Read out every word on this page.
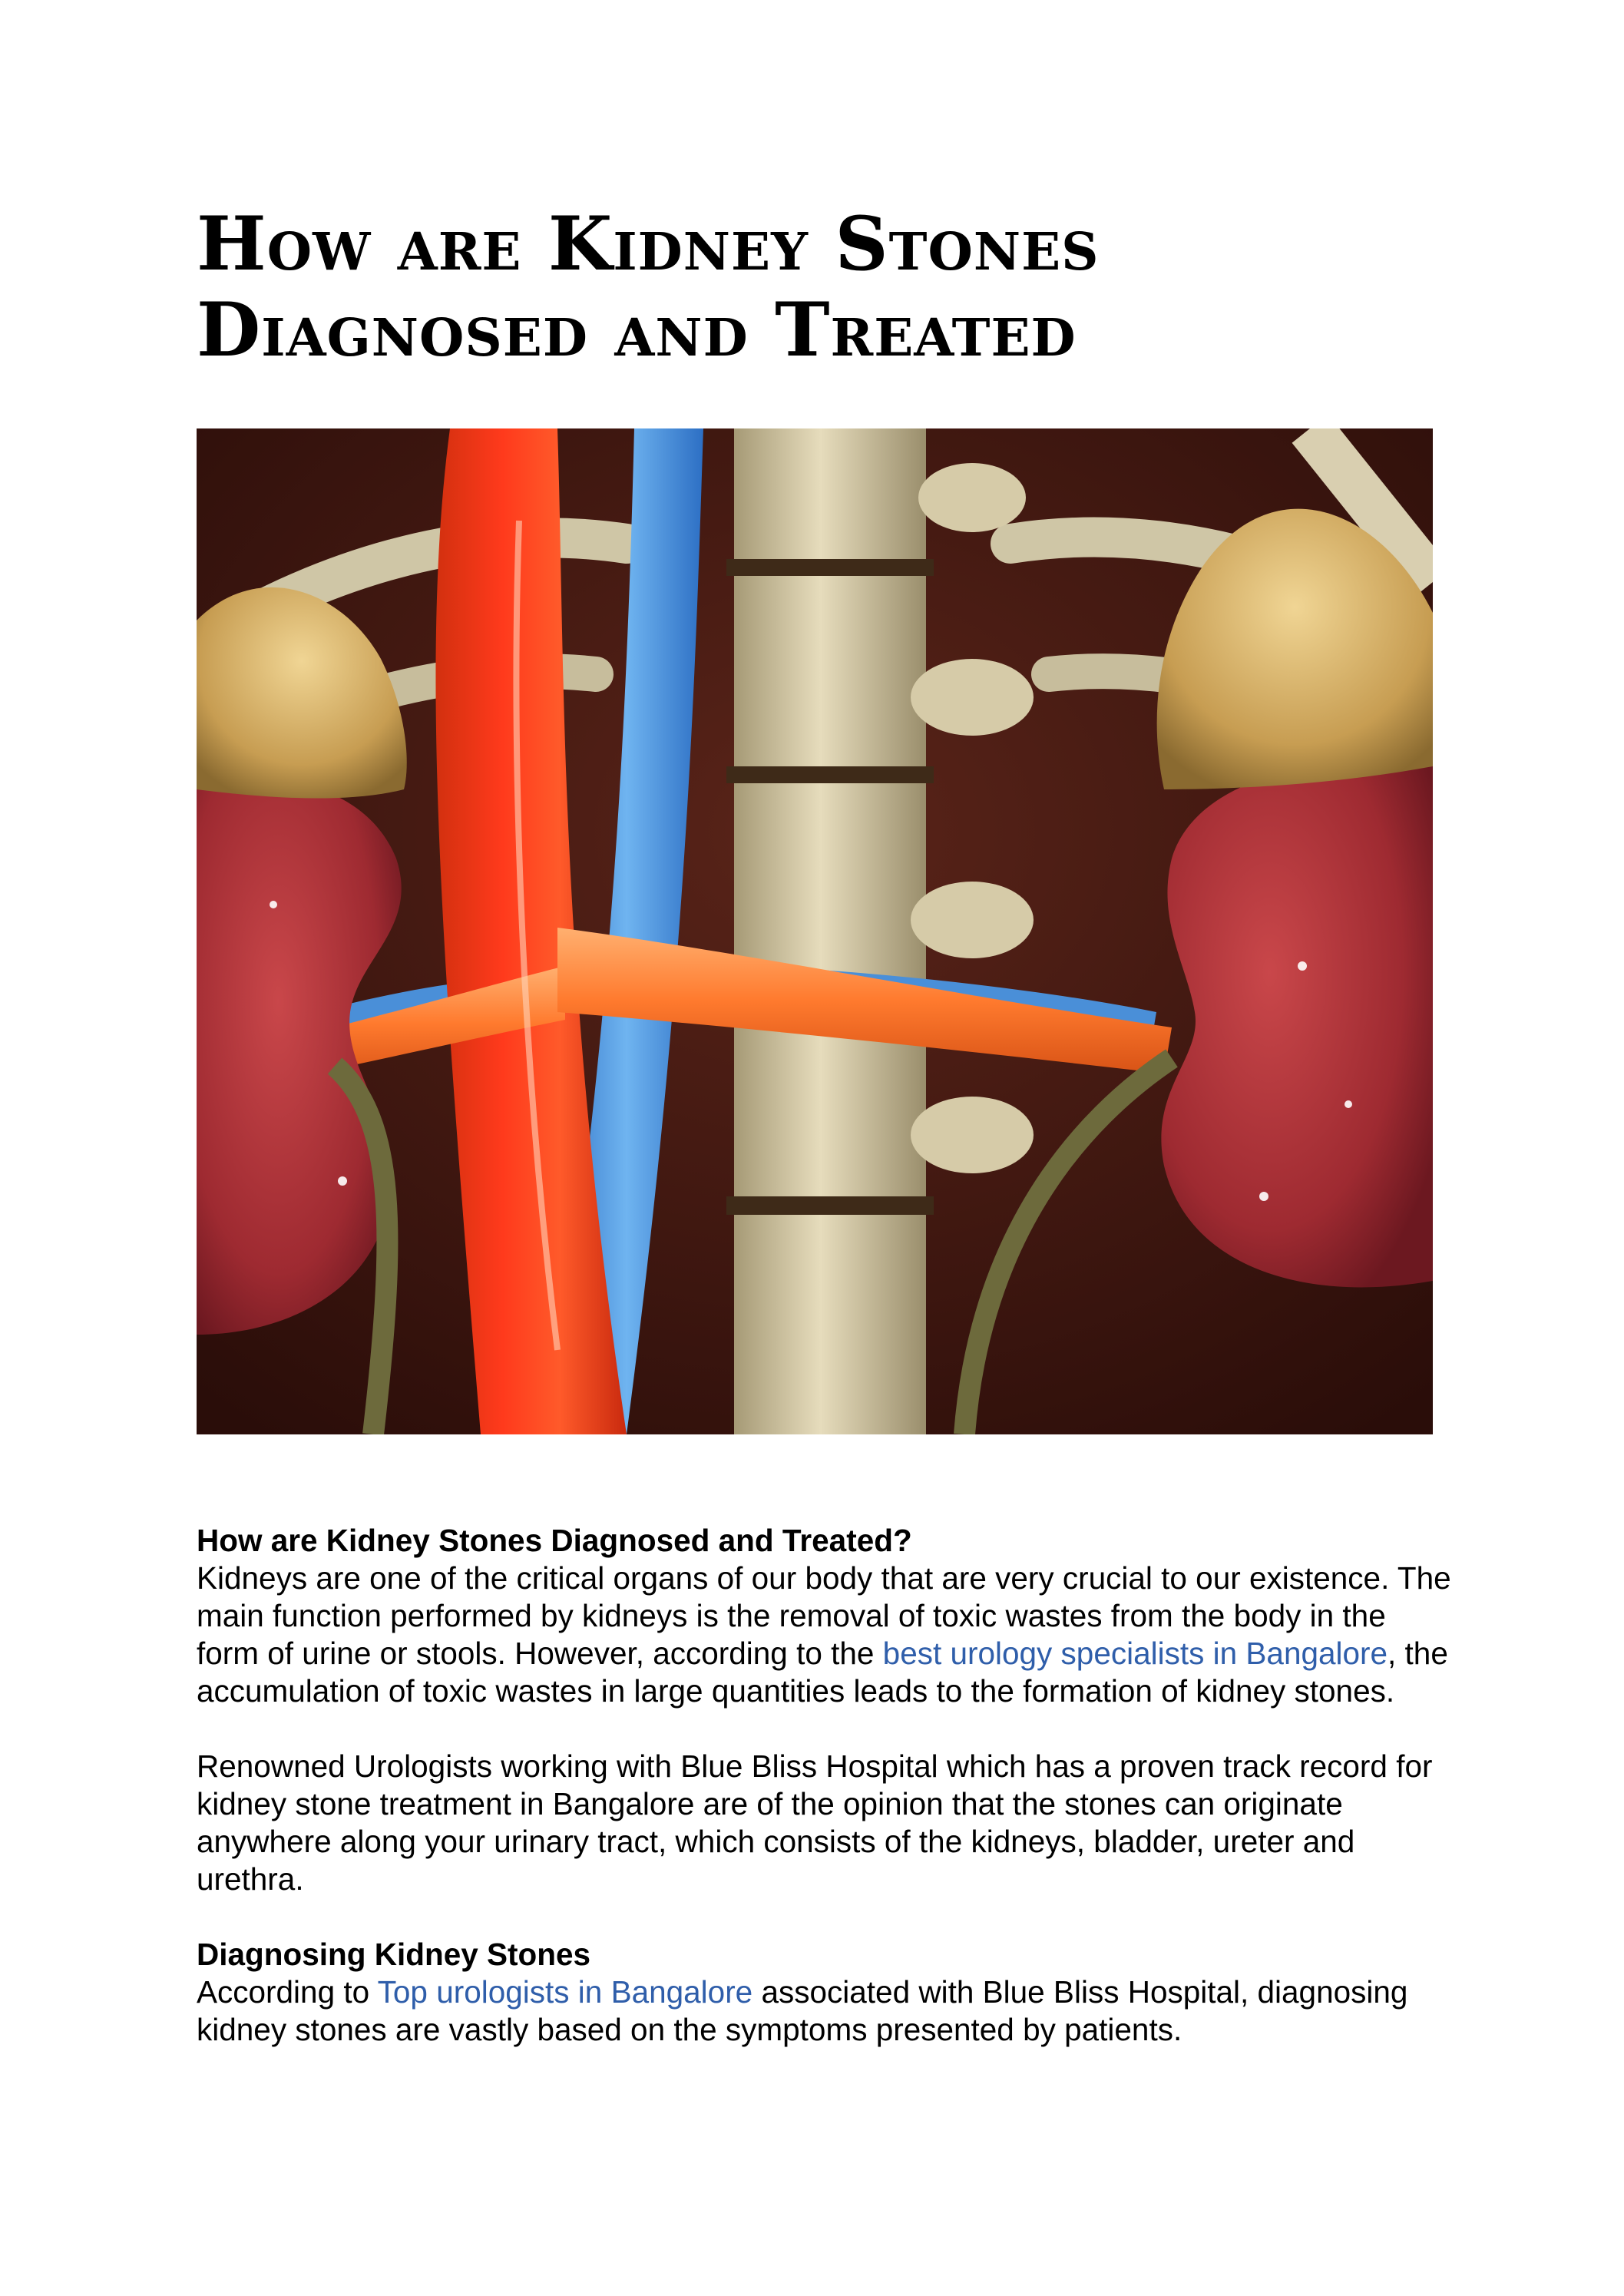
How are Kidney Stones
Diagnosed and Treated
How are Kidney Stones Diagnosed and Treated?

Kidneys are one of the critical organs of our body that are very crucial to our existence. The main function performed by kidneys is the removal of toxic wastes from the body in the form of urine or stools. However, according to the best urology specialists in Bangalore, the accumulation of toxic wastes in large quantities leads to the formation of kidney stones.

Renowned Urologists working with Blue Bliss Hospital which has a proven track record for kidney stone treatment in Bangalore are of the opinion that the stones can originate anywhere along your urinary tract, which consists of the kidneys, bladder, ureter and urethra.

Diagnosing Kidney Stones

According to Top urologists in Bangalore associated with Blue Bliss Hospital, diagnosing kidney stones are vastly based on the symptoms presented by patients.
